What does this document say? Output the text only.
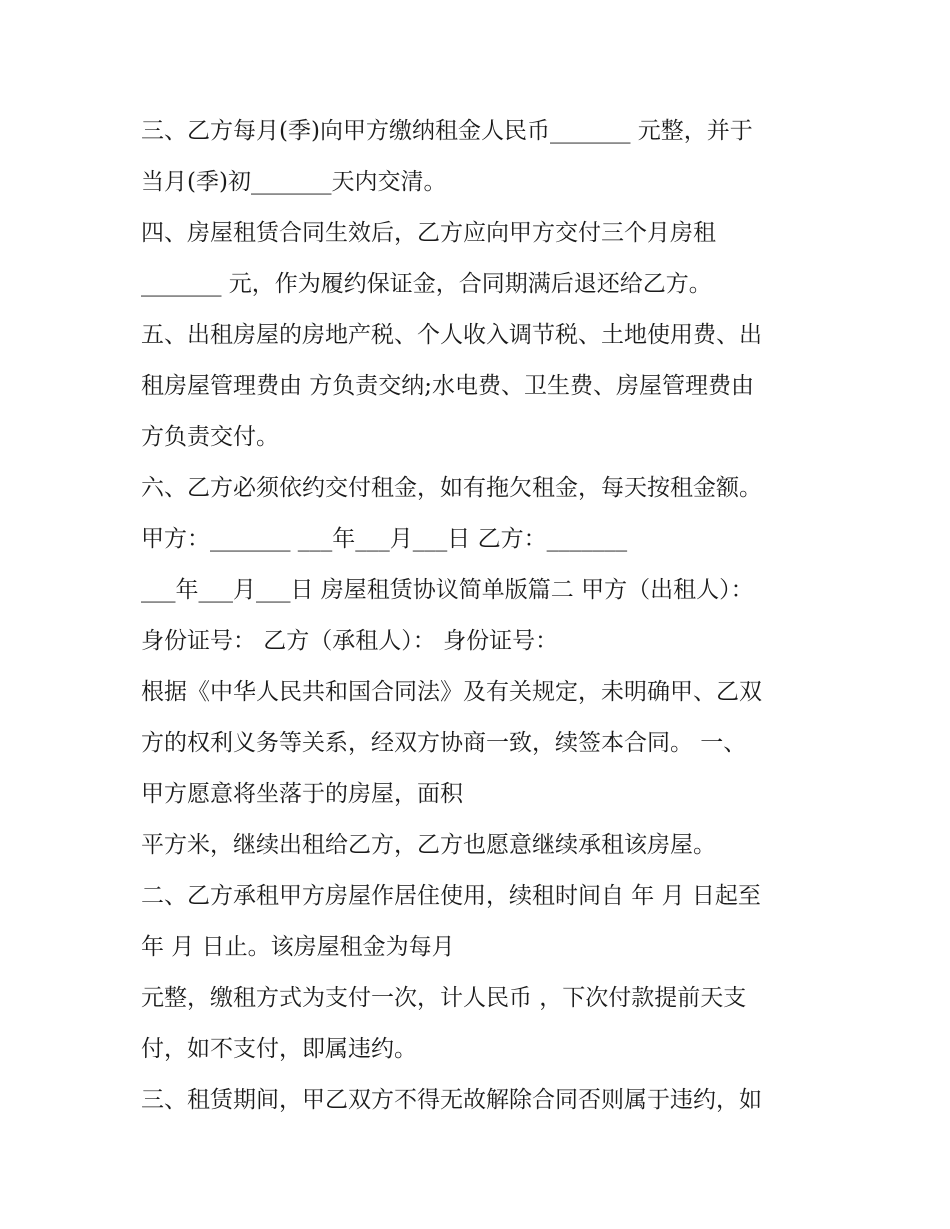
三、乙方每月(季)向甲方缴纳租金人民币_______ 元整，并于
当月(季)初_______天内交清。
四、房屋租赁合同生效后，乙方应向甲方交付三个月房租
_______ 元，作为履约保证金，合同期满后退还给乙方。
五、出租房屋的房地产税、个人收入调节税、土地使用费、出
租房屋管理费由 方负责交纳;水电费、卫生费、房屋管理费由
方负责交付。
六、乙方必须依约交付租金，如有拖欠租金，每天按租金额。
甲方：_______ ___年___月___日 乙方：_______
___年___月___日 房屋租赁协议简单版篇二 甲方（出租人）：
身份证号： 乙方（承租人）： 身份证号：
根据《中华人民共和国合同法》及有关规定，未明确甲、乙双
方的权利义务等关系，经双方协商一致，续签本合同。 一、
甲方愿意将坐落于的房屋，面积
平方米，继续出租给乙方，乙方也愿意继续承租该房屋。
二、乙方承租甲方房屋作居住使用，续租时间自 年 月 日起至
年 月 日止。该房屋租金为每月
元整，缴租方式为支付一次，计人民币 ，下次付款提前天支
付，如不支付，即属违约。
三、租赁期间，甲乙双方不得无故解除合同否则属于违约，如
